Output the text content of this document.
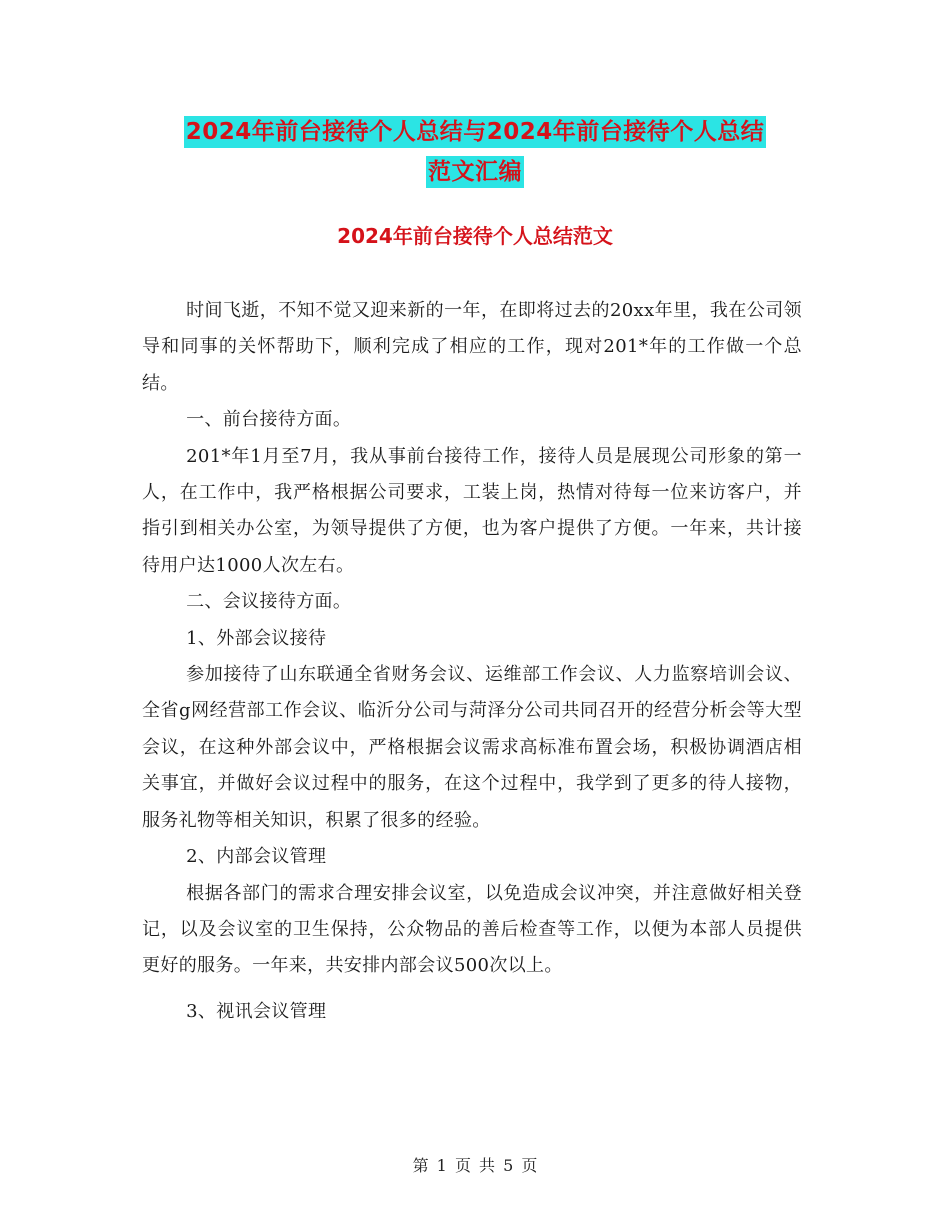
2024年前台接待个人总结与2024年前台接待个人总结
范文汇编
2024年前台接待个人总结范文

时间飞逝，不知不觉又迎来新的一年，在即将过去的20xx年里，我在公司领导和同事的关怀帮助下，顺利完成了相应的工作，现对201*年的工作做一个总结。

一、前台接待方面。

201*年1月至7月，我从事前台接待工作，接待人员是展现公司形象的第一人，在工作中，我严格根据公司要求，工装上岗，热情对待每一位来访客户，并指引到相关办公室，为领导提供了方便，也为客户提供了方便。一年来，共计接待用户达1000人次左右。

二、会议接待方面。

1、外部会议接待

参加接待了山东联通全省财务会议、运维部工作会议、人力监察培训会议、全省g网经营部工作会议、临沂分公司与菏泽分公司共同召开的经营分析会等大型会议，在这种外部会议中，严格根据会议需求高标准布置会场，积极协调酒店相关事宜，并做好会议过程中的服务，在这个过程中，我学到了更多的待人接物，服务礼物等相关知识，积累了很多的经验。

2、内部会议管理

根据各部门的需求合理安排会议室，以免造成会议冲突，并注意做好相关登记，以及会议室的卫生保持，公众物品的善后检查等工作，以便为本部人员提供更好的服务。一年来，共安排内部会议500次以上。

3、视讯会议管理

第 1 页 共 5 页
